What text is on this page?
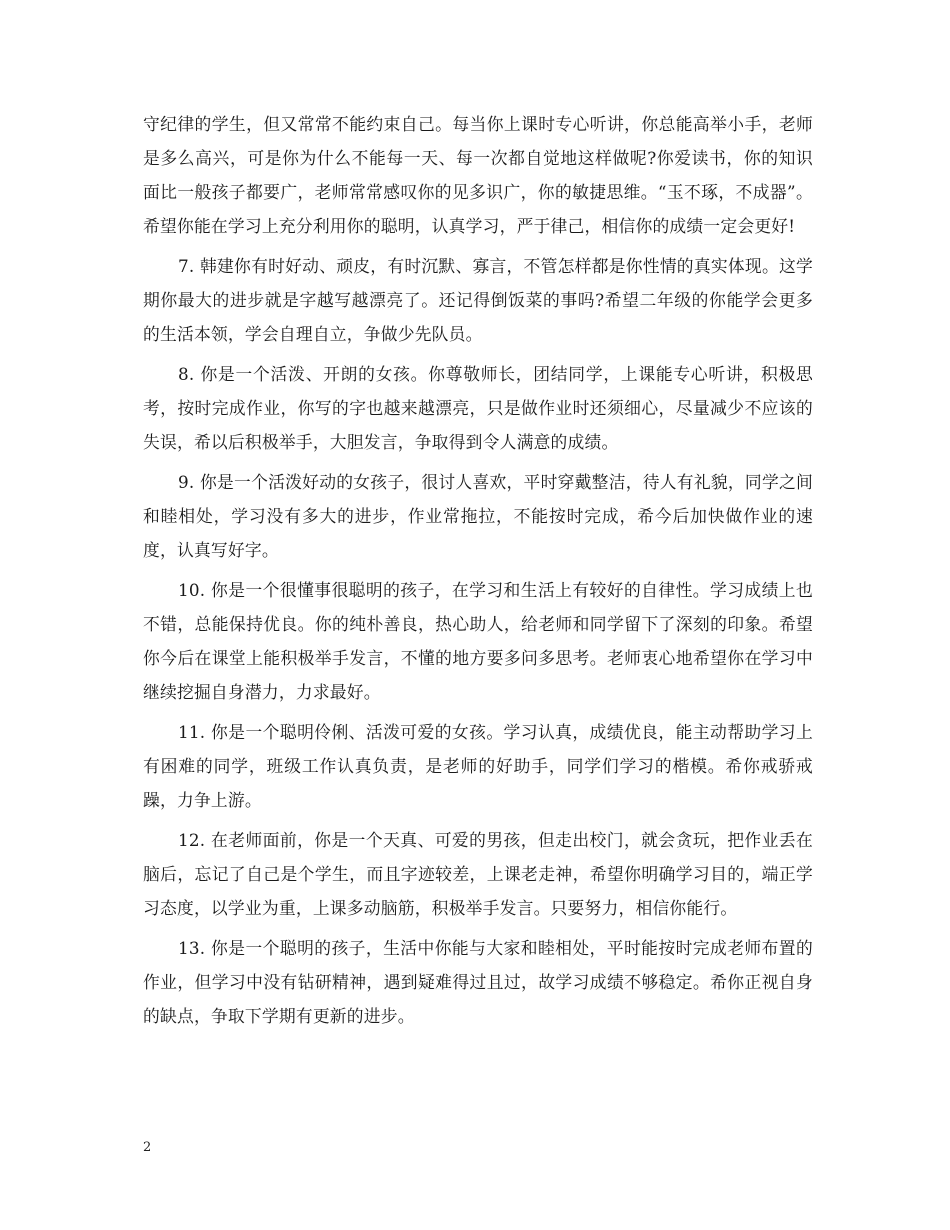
守纪律的学生，但又常常不能约束自己。每当你上课时专心听讲，你总能高举小手，老师是多么高兴，可是你为什么不能每一天、每一次都自觉地这样做呢?你爱读书，你的知识面比一般孩子都要广，老师常常感叹你的见多识广，你的敏捷思维。“玉不琢，不成器”。希望你能在学习上充分利用你的聪明，认真学习，严于律己，相信你的成绩一定会更好!

7. 韩建你有时好动、顽皮，有时沉默、寡言，不管怎样都是你性情的真实体现。这学期你最大的进步就是字越写越漂亮了。还记得倒饭菜的事吗?希望二年级的你能学会更多的生活本领，学会自理自立，争做少先队员。

8. 你是一个活泼、开朗的女孩。你尊敬师长，团结同学，上课能专心听讲，积极思考，按时完成作业，你写的字也越来越漂亮，只是做作业时还须细心，尽量减少不应该的失误，希以后积极举手，大胆发言，争取得到令人满意的成绩。

9. 你是一个活泼好动的女孩子，很讨人喜欢，平时穿戴整洁，待人有礼貌，同学之间和睦相处，学习没有多大的进步，作业常拖拉，不能按时完成，希今后加快做作业的速度，认真写好字。

10. 你是一个很懂事很聪明的孩子，在学习和生活上有较好的自律性。学习成绩上也不错，总能保持优良。你的纯朴善良，热心助人，给老师和同学留下了深刻的印象。希望你今后在课堂上能积极举手发言，不懂的地方要多问多思考。老师衷心地希望你在学习中继续挖掘自身潜力，力求最好。

11. 你是一个聪明伶俐、活泼可爱的女孩。学习认真，成绩优良，能主动帮助学习上有困难的同学，班级工作认真负责，是老师的好助手，同学们学习的楷模。希你戒骄戒躁，力争上游。

12. 在老师面前，你是一个天真、可爱的男孩，但走出校门，就会贪玩，把作业丢在脑后，忘记了自己是个学生，而且字迹较差，上课老走神，希望你明确学习目的，端正学习态度，以学业为重，上课多动脑筋，积极举手发言。只要努力，相信你能行。

13. 你是一个聪明的孩子，生活中你能与大家和睦相处，平时能按时完成老师布置的作业，但学习中没有钻研精神，遇到疑难得过且过，故学习成绩不够稳定。希你正视自身的缺点，争取下学期有更新的进步。

2
